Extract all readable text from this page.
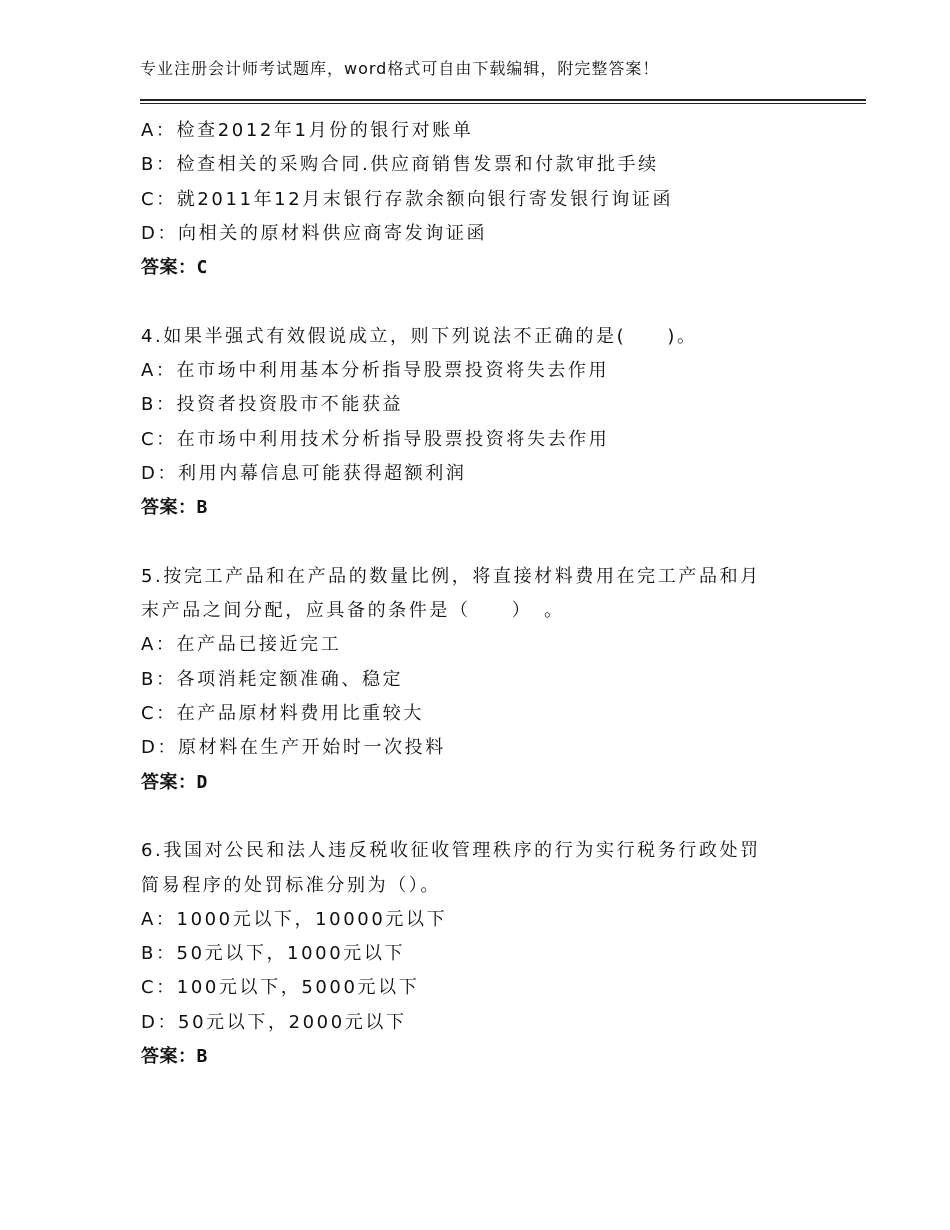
专业注册会计师考试题库，word格式可自由下载编辑，附完整答案！
A：检查2012年1月份的银行对账单
B：检查相关的采购合同.供应商销售发票和付款审批手续
C：就2011年12月末银行存款余额向银行寄发银行询证函
D：向相关的原材料供应商寄发询证函
答案：C
4.如果半强式有效假说成立，则下列说法不正确的是(　　)。
A：在市场中利用基本分析指导股票投资将失去作用
B：投资者投资股市不能获益
C：在市场中利用技术分析指导股票投资将失去作用
D：利用内幕信息可能获得超额利润
答案：B
5.按完工产品和在产品的数量比例，将直接材料费用在完工产品和月
末产品之间分配，应具备的条件是（　　）　。
A：在产品已接近完工
B：各项消耗定额准确、稳定
C：在产品原材料费用比重较大
D：原材料在生产开始时一次投料
答案：D
6.我国对公民和法人违反税收征收管理秩序的行为实行税务行政处罚
简易程序的处罚标准分别为（）。
A：1000元以下，10000元以下
B：50元以下，1000元以下
C：100元以下，5000元以下
D：50元以下，2000元以下
答案：B
